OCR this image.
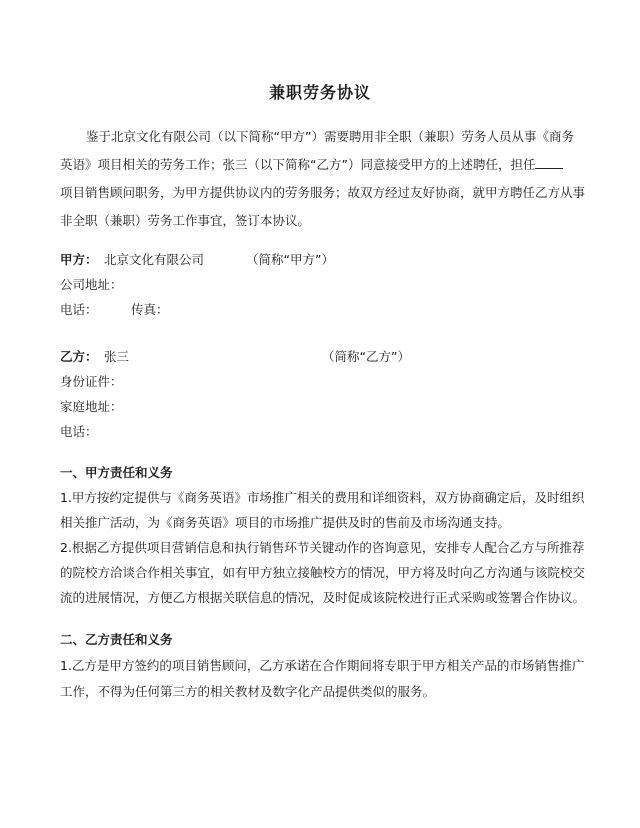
兼职劳务协议
鉴于北京文化有限公司（以下简称“甲方”）需要聘用非全职（兼职）劳务人员从事《商务
英语》项目相关的劳务工作；张三（以下简称“乙方”）同意接受甲方的上述聘任，担任
项目销售顾问职务，为甲方提供协议内的劳务服务；故双方经过友好协商，就甲方聘任乙方从事
非全职（兼职）劳务工作事宜，签订本协议。
甲方： 北京文化有限公司	（简称“甲方”）
公司地址：
电话：	传真：
乙方： 张三	（简称“乙方”）
身份证件：
家庭地址：
电话：
一、甲方责任和义务
1.甲方按约定提供与《商务英语》市场推广相关的费用和详细资料，双方协商确定后，及时组织
相关推广活动，为《商务英语》项目的市场推广提供及时的售前及市场沟通支持。
2.根据乙方提供项目营销信息和执行销售环节关键动作的咨询意见，安排专人配合乙方与所推荐
的院校方洽谈合作相关事宜，如有甲方独立接触校方的情况，甲方将及时向乙方沟通与该院校交
流的进展情况，方便乙方根据关联信息的情况，及时促成该院校进行正式采购或签署合作协议。
二、乙方责任和义务
1.乙方是甲方签约的项目销售顾问，乙方承诺在合作期间将专职于甲方相关产品的市场销售推广
工作，不得为任何第三方的相关教材及数字化产品提供类似的服务。
